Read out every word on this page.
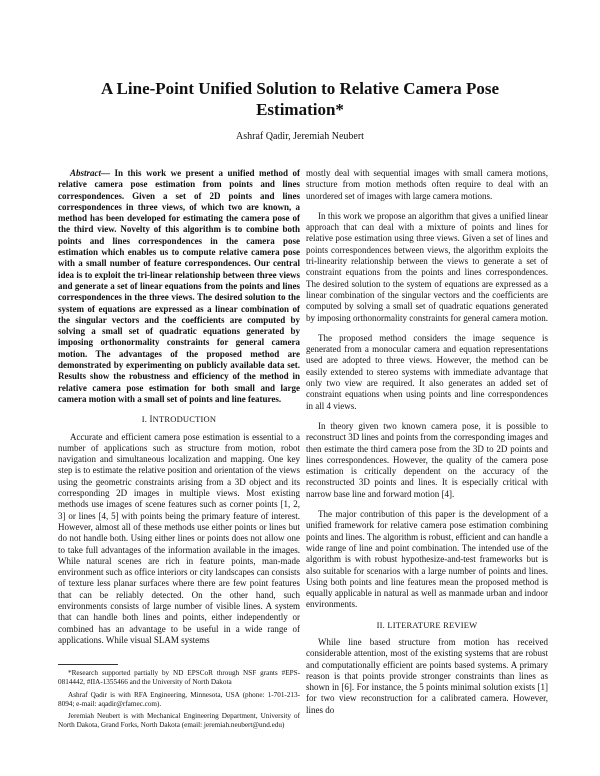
A Line-Point Unified Solution to Relative Camera Pose Estimation*
Ashraf Qadir, Jeremiah Neubert

Abstract— In this work we present a unified method of relative camera pose estimation from points and lines correspondences. Given a set of 2D points and lines correspondences in three views, of which two are known, a method has been developed for estimating the camera pose of the third view. Novelty of this algorithm is to combine both points and lines correspondences in the camera pose estimation which enables us to compute relative camera pose with a small number of feature correspondences. Our central idea is to exploit the tri-linear relationship between three views and generate a set of linear equations from the points and lines correspondences in the three views. The desired solution to the system of equations are expressed as a linear combination of the singular vectors and the coefficients are computed by solving a small set of quadratic equations generated by imposing orthonormality constraints for general camera motion. The advantages of the proposed method are demonstrated by experimenting on publicly available data set. Results show the robustness and efficiency of the method in relative camera pose estimation for both small and large camera motion with a small set of points and line features.

I. INTRODUCTION

Accurate and efficient camera pose estimation is essential to a number of applications such as structure from motion, robot navigation and simultaneous localization and mapping. One key step is to estimate the relative position and orientation of the views using the geometric constraints arising from a 3D object and its corresponding 2D images in multiple views. Most existing methods use images of scene features such as corner points [1, 2, 3] or lines [4, 5] with points being the primary feature of interest. However, almost all of these methods use either points or lines but do not handle both. Using either lines or points does not allow one to take full advantages of the information available in the images. While natural scenes are rich in feature points, man-made environment such as office interiors or city landscapes can consists of texture less planar surfaces where there are few point features that can be reliably detected. On the other hand, such environments consists of large number of visible lines. A system that can handle both lines and points, either independently or combined has an advantage to be useful in a wide range of applications. While visual SLAM systems

*Research supported partially by ND EPSCoR through NSF grants #EPS-0814442, #IIA-1355466 and the University of North Dakota

Ashraf Qadir is with RFA Engineering, Minnesota, USA (phone: 1-701-213-8094; e-mail: aqadir@rfamec.com).

Jeremiah Neubert is with Mechanical Engineering Department, University of North Dakota, Grand Forks, North Dakota (email: jeremiah.neubert@und.edu)

mostly deal with sequential images with small camera motions, structure from motion methods often require to deal with an unordered set of images with large camera motions.

In this work we propose an algorithm that gives a unified linear approach that can deal with a mixture of points and lines for relative pose estimation using three views. Given a set of lines and points correspondences between views, the algorithm exploits the tri-linearity relationship between the views to generate a set of constraint equations from the points and lines correspondences. The desired solution to the system of equations are expressed as a linear combination of the singular vectors and the coefficients are computed by solving a small set of quadratic equations generated by imposing orthonormality constraints for general camera motion.

The proposed method considers the image sequence is generated from a monocular camera and equation representations used are adopted to three views. However, the method can be easily extended to stereo systems with immediate advantage that only two view are required. It also generates an added set of constraint equations when using points and line correspondences in all 4 views.

In theory given two known camera pose, it is possible to reconstruct 3D lines and points from the corresponding images and then estimate the third camera pose from the 3D to 2D points and lines correspondences. However, the quality of the camera pose estimation is critically dependent on the accuracy of the reconstructed 3D points and lines. It is especially critical with narrow base line and forward motion [4].

The major contribution of this paper is the development of a unified framework for relative camera pose estimation combining points and lines. The algorithm is robust, efficient and can handle a wide range of line and point combination. The intended use of the algorithm is with robust hypothesize-and-test frameworks but is also suitable for scenarios with a large number of points and lines. Using both points and line features mean the proposed method is equally applicable in natural as well as manmade urban and indoor environments.

II. LITERATURE REVIEW

While line based structure from motion has received considerable attention, most of the existing systems that are robust and computationally efficient are points based systems. A primary reason is that points provide stronger constraints than lines as shown in [6]. For instance, the 5 points minimal solution exists [1] for two view reconstruction for a calibrated camera. However, lines do
